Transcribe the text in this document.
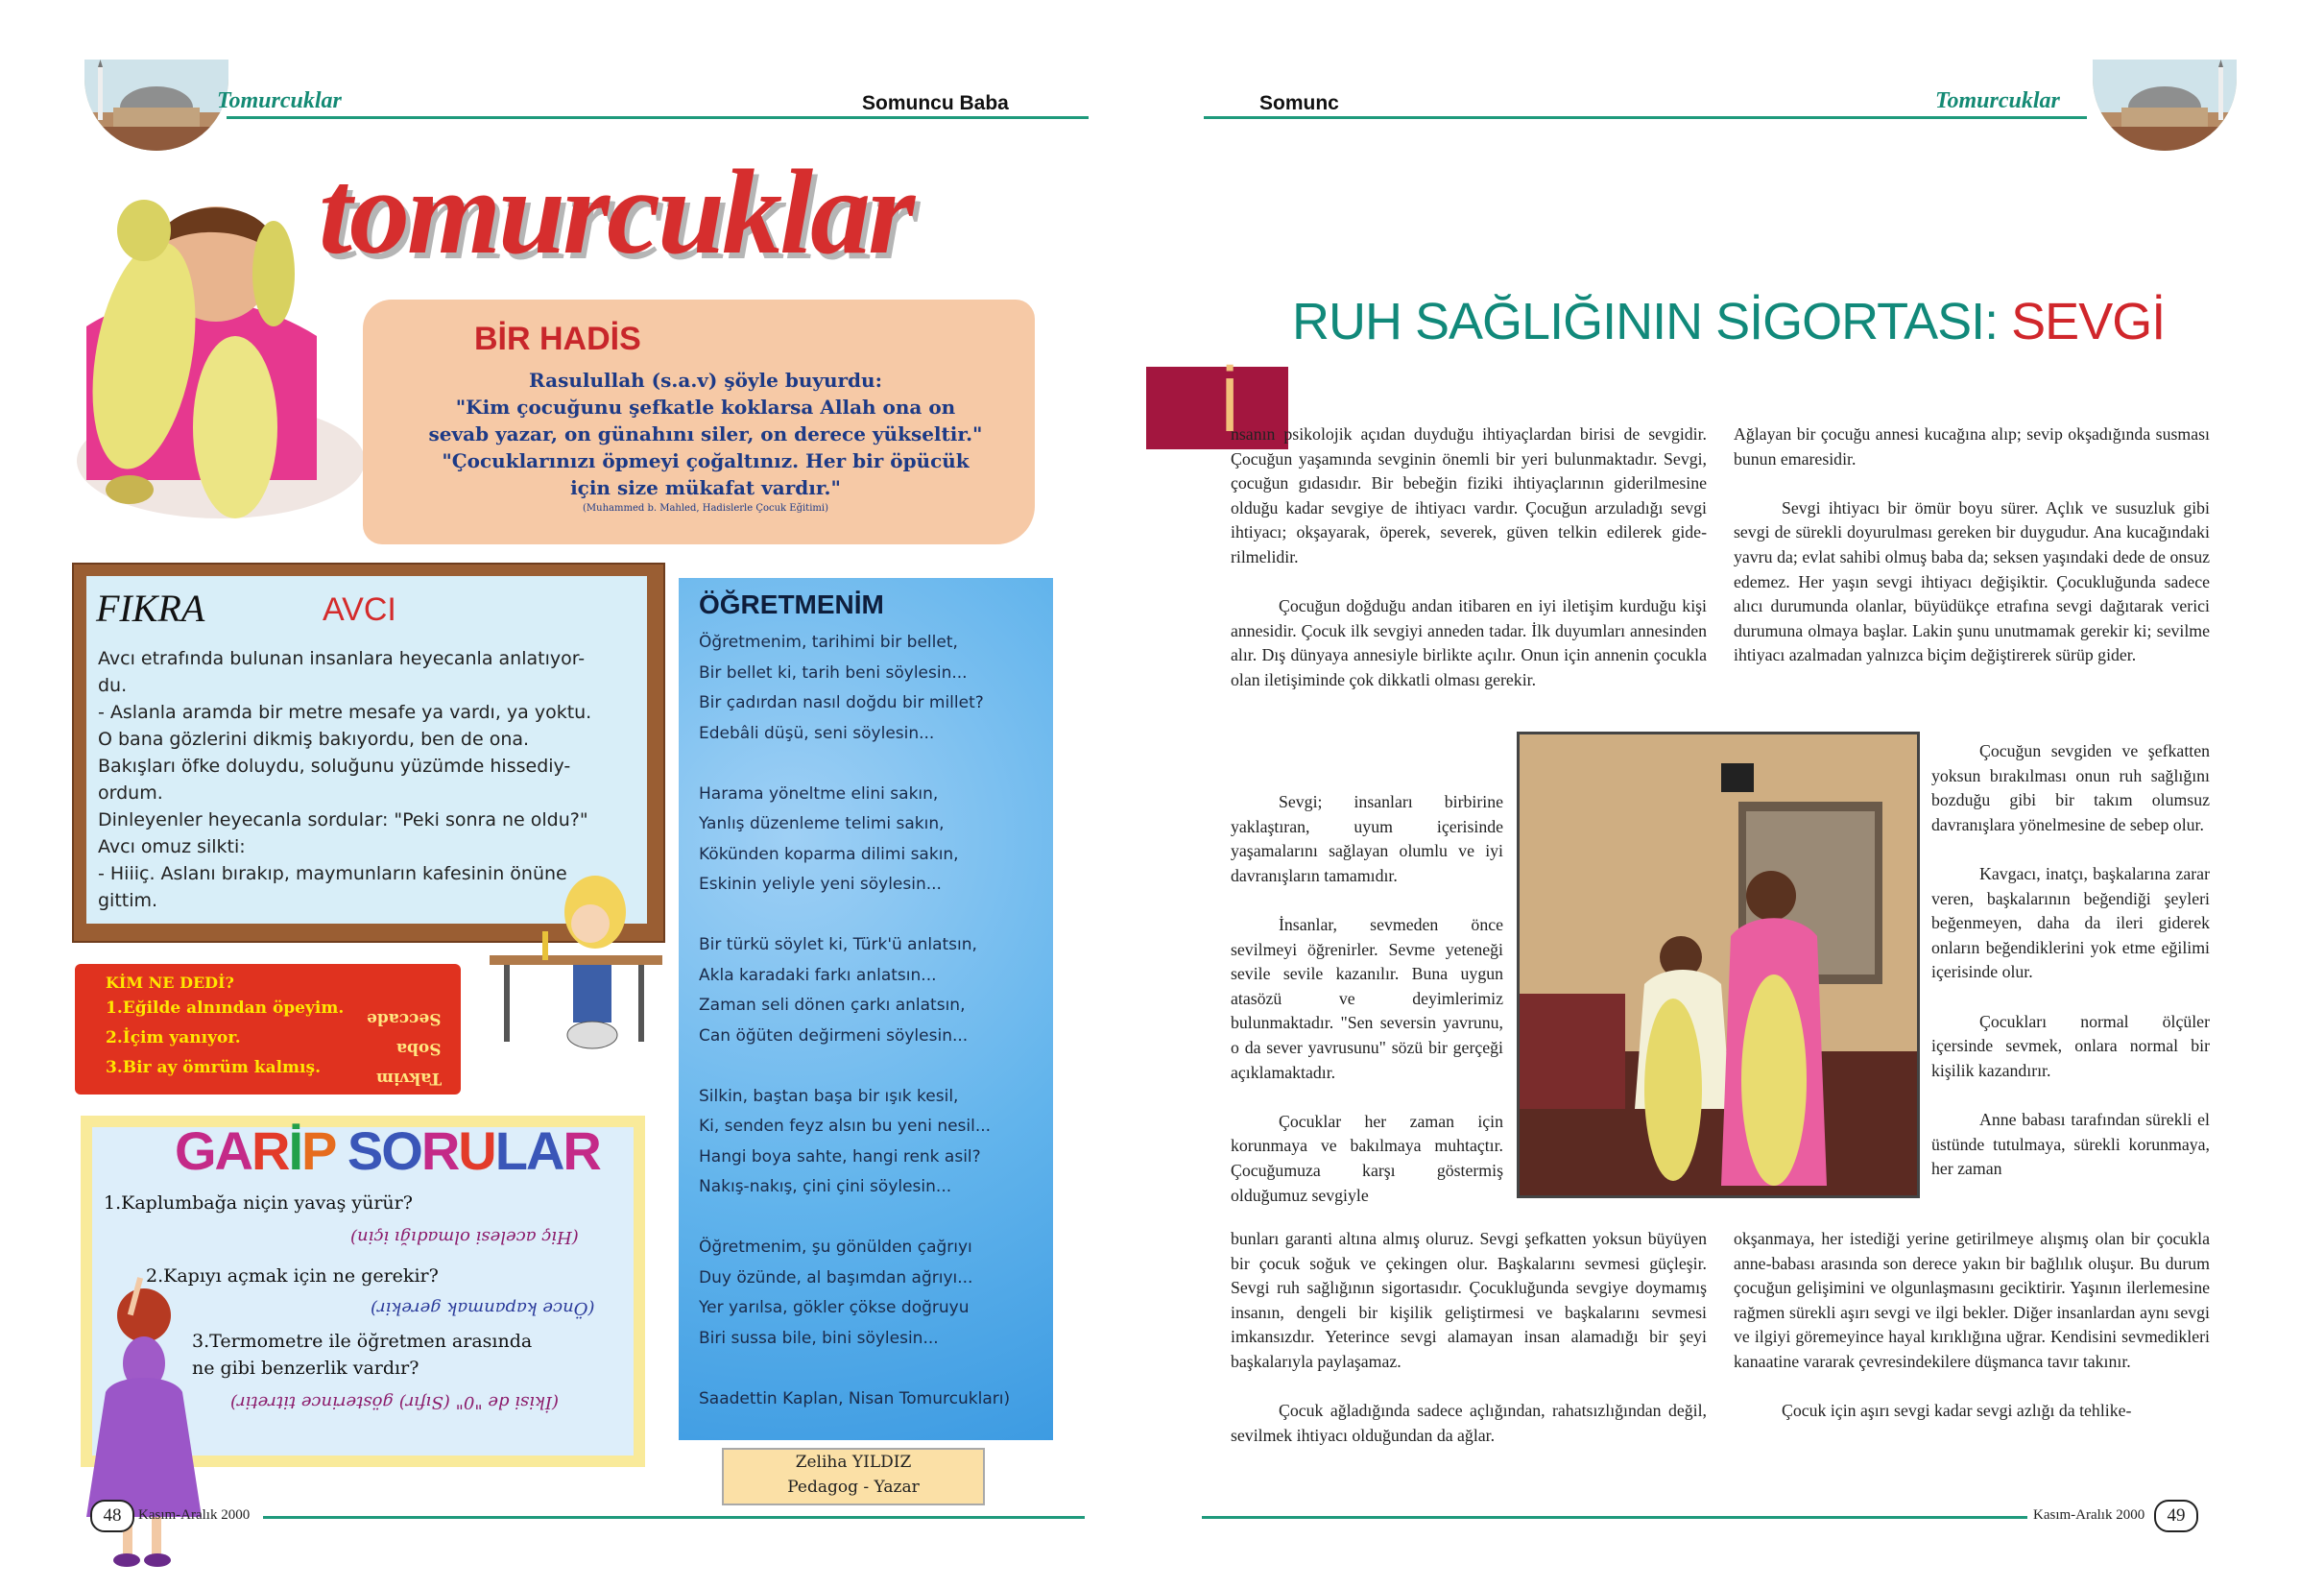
Tomurcuklar	Somuncu Baba
tomurcuklar
BİR HADİS
Rasulullah (s.a.v) şöyle buyurdu:
"Kim çocuğunu şefkatle koklarsa Allah ona on
sevab yazar, on günahını siler, on derece yükseltir."
"Çocuklarınızı öpmeyi çoğaltınız. Her bir öpücük
için size mükafat vardır."
(Muhammed b. Mahled, Hadislerle Çocuk Eğitimi)
FIKRA	AVCI
Avcı etrafında bulunan insanlara heyecanla anlatıyor-
du.
- Aslanla aramda bir metre mesafe ya vardı, ya yoktu.
O bana gözlerini dikmiş bakıyordu, ben de ona.
Bakışları öfke doluydu, soluğunu yüzümde hissediy-
ordum.
Dinleyenler heyecanla sordular: "Peki sonra ne oldu?"
Avcı omuz silkti:
- Hiiiç. Aslanı bırakıp, maymunların kafesinin önüne
gittim.
ÖĞRETMENİM
Öğretmenim, tarihimi bir bellet,
Bir bellet ki, tarih beni söylesin...
Bir çadırdan nasıl doğdu bir millet?
Edebâli düşü, seni söylesin...
Harama yöneltme elini sakın,
Yanlış düzenleme telimi sakın,
Kökünden koparma dilimi sakın,
Eskinin yeliyle yeni söylesin...
Bir türkü söylet ki, Türk'ü anlatsın,
Akla karadaki farkı anlatsın...
Zaman seli dönen çarkı anlatsın,
Can öğüten değirmeni söylesin...
Silkin, baştan başa bir ışık kesil,
Ki, senden feyz alsın bu yeni nesil...
Hangi boya sahte, hangi renk asil?
Nakış-nakış, çini çini söylesin...
Öğretmenim, şu gönülden çağrıyı
Duy özünde, al başımdan ağrıyı...
Yer yarılsa, gökler çökse doğruyu
Biri sussa bile, bini söylesin...
Saadettin Kaplan, Nisan Tomurcukları)
KİM NE DEDİ?
1.Eğilde alnından öpeyim.
Seccade
2.İçim yanıyor.
Soba
3.Bir ay ömrüm kalmış.
Takvim
GARİP SORULAR
1.Kaplumbağa niçin yavaş yürür?
(Hiç acelesi olmadığı için)
2.Kapıyı açmak için ne gerekir?
(Önce kapanmak gerekir)
3.Termometre ile öğretmen arasında
ne gibi benzerlik vardır?
(İkisi de "0" (Sıfır) gösterince titretir)
Zeliha YILDIZ
Pedagog - Yazar
48	Kasım-Aralık 2000
Somunc	Tomurcuklar
RUH SAĞLIĞININ SİGORTASI: SEVGİ
İ

nsanın psikolojik açıdan duyduğu ihtiyaçlardan birisi de sevgidir. Çocuğun yaşamında sevginin önemli bir yeri bulunmaktadır. Sevgi, çocuğun gıdasıdır. Bir bebeğin fiziki ihtiyaçlarının giderilmesine olduğu kadar sevgiye de ihtiyacı vardır. Çocuğun arzuladığı sevgi ihtiyacı; okşayarak, öperek, severek, güven telkin edilerek gide-rilmelidir.

Çocuğun doğduğu andan itibaren en iyi iletişim kurduğu kişi annesidir. Çocuk ilk sevgiyi anneden tadar. İlk duyumları annesinden alır. Dış dünyaya annesiyle birlikte açılır. Onun için annenin çocukla olan iletişiminde çok dikkatli olması gerekir.

Sevgi; insanları birbirine yaklaştıran, uyum içerisinde yaşamalarını sağlayan olumlu ve iyi davranışların tamamıdır.

İnsanlar, sevmeden önce sevilmeyi öğrenirler. Sevme yeteneği sevile sevile kazanılır. Buna uygun atasözü ve deyimlerimiz bulunmaktadır. "Sen seversin yavrunu, o da sever yavrusunu" sözü bir gerçeği açıklamaktadır.

Çocuklar her zaman için korunmaya ve bakılmaya muhtaçtır. Çocuğumuza karşı göstermiş olduğumuz sevgiyle

bunları garanti altına almış oluruz. Sevgi şefkatten yoksun büyüyen bir çocuk soğuk ve çekingen olur. Başkalarını sevmesi güçleşir. Sevgi ruh sağlığının sigortasıdır. Çocukluğunda sevgiye doymamış insanın, dengeli bir kişilik geliştirmesi ve başkalarını sevmesi imkansızdır. Yeterince sevgi alamayan insan alamadığı bir şeyi başkalarıyla paylaşamaz.

Çocuk ağladığında sadece açlığından, rahatsızlığından değil, sevilmek ihtiyacı olduğundan da ağlar.

Ağlayan bir çocuğu annesi kucağına alıp; sevip okşadığında susması bunun emaresidir.

Sevgi ihtiyacı bir ömür boyu sürer. Açlık ve susuzluk gibi sevgi de sürekli doyurulması gereken bir duygudur. Ana kucağındaki yavru da; evlat sahibi olmuş baba da; seksen yaşındaki dede de onsuz edemez. Her yaşın sevgi ihtiyacı değişiktir. Çocukluğunda sadece alıcı durumunda olanlar, büyüdükçe etrafına sevgi dağıtarak verici durumuna olmaya başlar. Lakin şunu unutmamak gerekir ki; sevilme ihtiyacı azalmadan yalnızca biçim değiştirerek sürüp gider.

Çocuğun sevgiden ve şefkatten yoksun bırakılması onun ruh sağlığını bozduğu gibi bir takım olumsuz davranışlara yönelmesine de sebep olur.

Kavgacı, inatçı, başkalarına zarar veren, başkalarının beğendiği şeyleri beğenmeyen, daha da ileri giderek onların beğendiklerini yok etme eğilimi içerisinde olur.

Çocukları normal ölçüler içersinde sevmek, onlara normal bir kişilik kazandırır.

Anne babası tarafından sürekli el üstünde tutulmaya, sürekli korunmaya, her zaman

okşanmaya, her istediği yerine getirilmeye alışmış olan bir çocukla anne-babası arasında son derece yakın bir bağlılık oluşur. Bu durum çocuğun gelişimini ve olgunlaşmasını geciktirir. Yaşının ilerlemesine rağmen sürekli aşırı sevgi ve ilgi bekler. Diğer insanlardan aynı sevgi ve ilgiyi göremeyince hayal kırıklığına uğrar. Kendisini sevmedikleri kanaatine vararak çevresindekilere düşmanca tavır takınır.

Çocuk için aşırı sevgi kadar sevgi azlığı da tehlike-

Kasım-Aralık 2000	49
